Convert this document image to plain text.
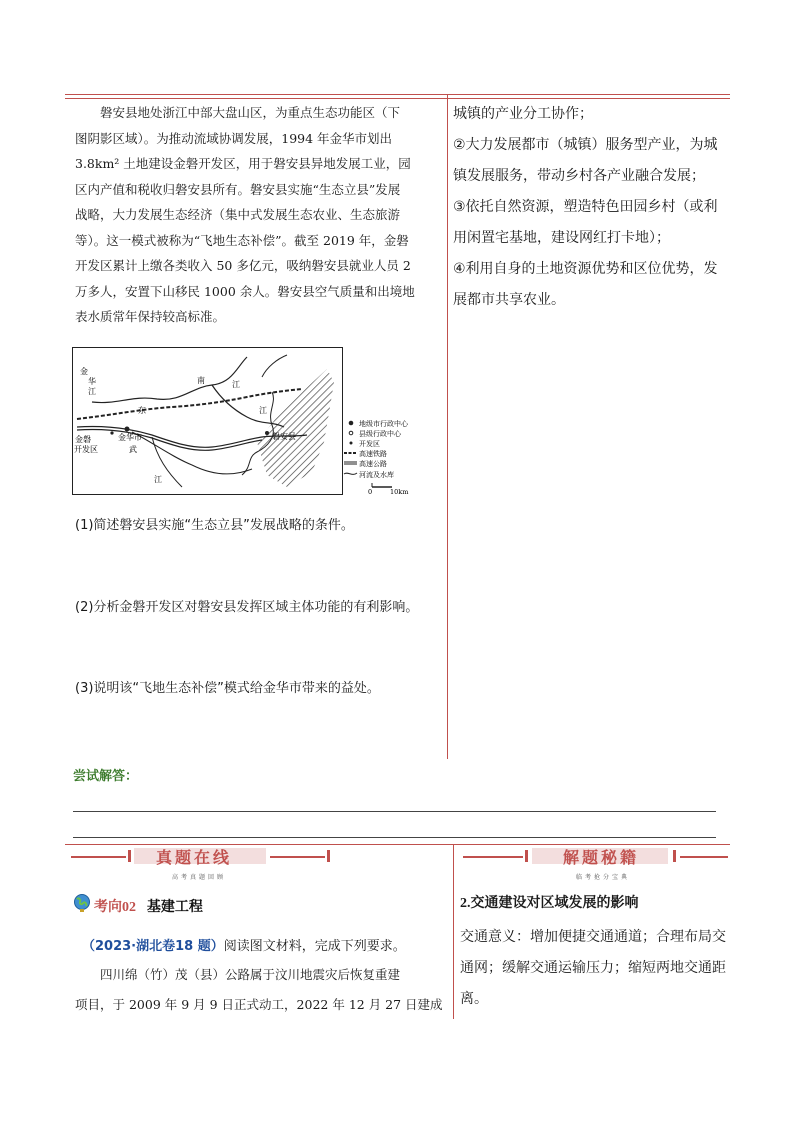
磐安县地处浙江中部大盘山区，为重点生态功能区（下

图阴影区域）。为推动流域协调发展，1994 年金华市划出

3.8km² 土地建设金磐开发区，用于磐安县异地发展工业，园

区内产值和税收归磐安县所有。磐安县实施“生态立县”发展

战略，大力发展生态经济（集中式发展生态农业、生态旅游

等）。这一模式被称为“飞地生态补偿”。截至 2019 年，金磐

开发区累计上缴各类收入 50 多亿元，吸纳磐安县就业人员 2

万多人，安置下山移民 1000 余人。磐安县空气质量和出境地

表水质常年保持较高标准。

金
华
江
金磐
开发区
金华市
东
武
江
南	江
江
磐安县
地级市行政中心
县级行政中心
开发区
高速铁路
高速公路
河流及水库
0	10km
(1)简述磐安县实施“生态立县”发展战略的条件。
(2)分析金磐开发区对磐安县发挥区域主体功能的有利影响。
(3)说明该“飞地生态补偿”模式给金华市带来的益处。

城镇的产业分工协作；

②大力发展都市（城镇）服务型产业，为城

镇发展服务，带动乡村各产业融合发展；

③依托自然资源，塑造特色田园乡村（或利

用闲置宅基地，建设网红打卡地）；

④利用自身的土地资源优势和区位优势，发

展都市共享农业。

尝试解答：
真题在线
高考真题回顾
解题秘籍
临考抢分宝典
考向02 基建工程
（2023·湖北卷18 题）阅读图文材料，完成下列要求。

四川绵（竹）茂（县）公路属于汶川地震灾后恢复重建

项目，于 2009 年 9 月 9 日正式动工，2022 年 12 月 27 日建成

2.交通建设对区域发展的影响

交通意义：增加便捷交通通道；合理布局交

通网；缓解交通运输压力；缩短两地交通距

离。
